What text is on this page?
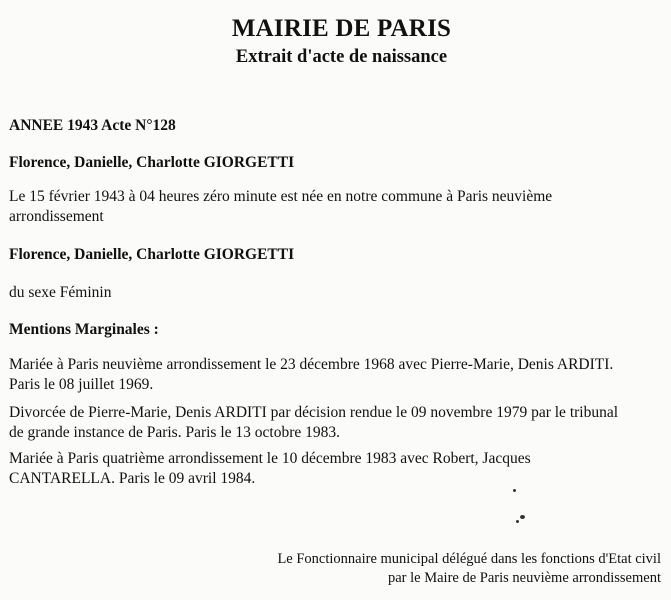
MAIRIE DE PARIS
Extrait d'acte de naissance
ANNEE 1943 Acte N°128
Florence, Danielle, Charlotte GIORGETTI
Le 15 février 1943 à 04 heures zéro minute est née en notre commune à Paris neuvième
arrondissement
Florence, Danielle, Charlotte GIORGETTI
du sexe Féminin
Mentions Marginales :
Mariée à Paris neuvième arrondissement le 23 décembre 1968 avec Pierre-Marie, Denis ARDITI.
Paris le 08 juillet 1969.
Divorcée de Pierre-Marie, Denis ARDITI par décision rendue le 09 novembre 1979 par le tribunal
de grande instance de Paris. Paris le 13 octobre 1983.
Mariée à Paris quatrième arrondissement le 10 décembre 1983 avec Robert, Jacques
CANTARELLA. Paris le 09 avril 1984.
Le Fonctionnaire municipal délégué dans les fonctions d'Etat civil
par le Maire de Paris neuvième arrondissement
